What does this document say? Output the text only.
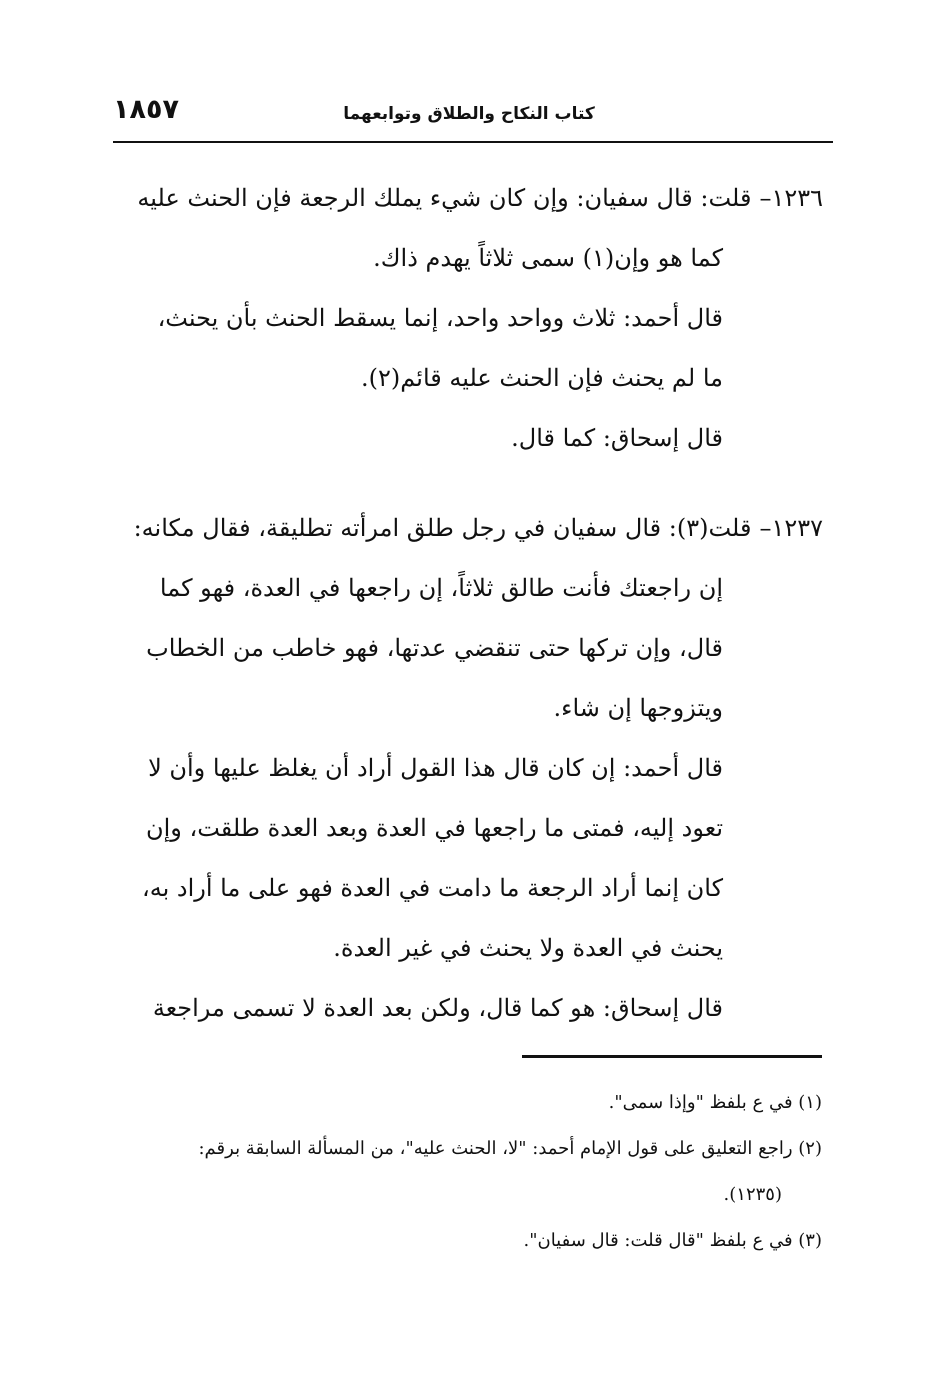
كتاب النكاح والطلاق وتوابعهما
١٨٥٧
١٢٣٦–
قلت: قال سفيان: وإن كان شيء يملك الرجعة فإن الحنث عليه
كما هو وإن(١) سمى ثلاثاً يهدم ذاك.
قال أحمد: ثلاث وواحد واحد، إنما يسقط الحنث بأن يحنث،
ما لم يحنث فإن الحنث عليه قائم(٢).
قال إسحاق: كما قال.
١٢٣٧–
قلت(٣): قال سفيان في رجل طلق امرأته تطليقة، فقال مكانه:
إن راجعتك فأنت طالق ثلاثاً، إن راجعها في العدة، فهو كما
قال، وإن تركها حتى تنقضي عدتها، فهو خاطب من الخطاب
ويتزوجها إن شاء.
قال أحمد: إن كان قال هذا القول أراد أن يغلظ عليها وأن لا
تعود إليه، فمتى ما راجعها في العدة وبعد العدة طلقت، وإن
كان إنما أراد الرجعة ما دامت في العدة فهو على ما أراد به،
يحنث في العدة ولا يحنث في غير العدة.
قال إسحاق: هو كما قال، ولكن بعد العدة لا تسمى مراجعة
(١) في ع بلفظ "وإذا سمى".
(٢) راجع التعليق على قول الإمام أحمد: "لا، الحنث عليه"، من المسألة السابقة برقم:
(١٢٣٥).
(٣) في ع بلفظ "قال قلت: قال سفيان".
